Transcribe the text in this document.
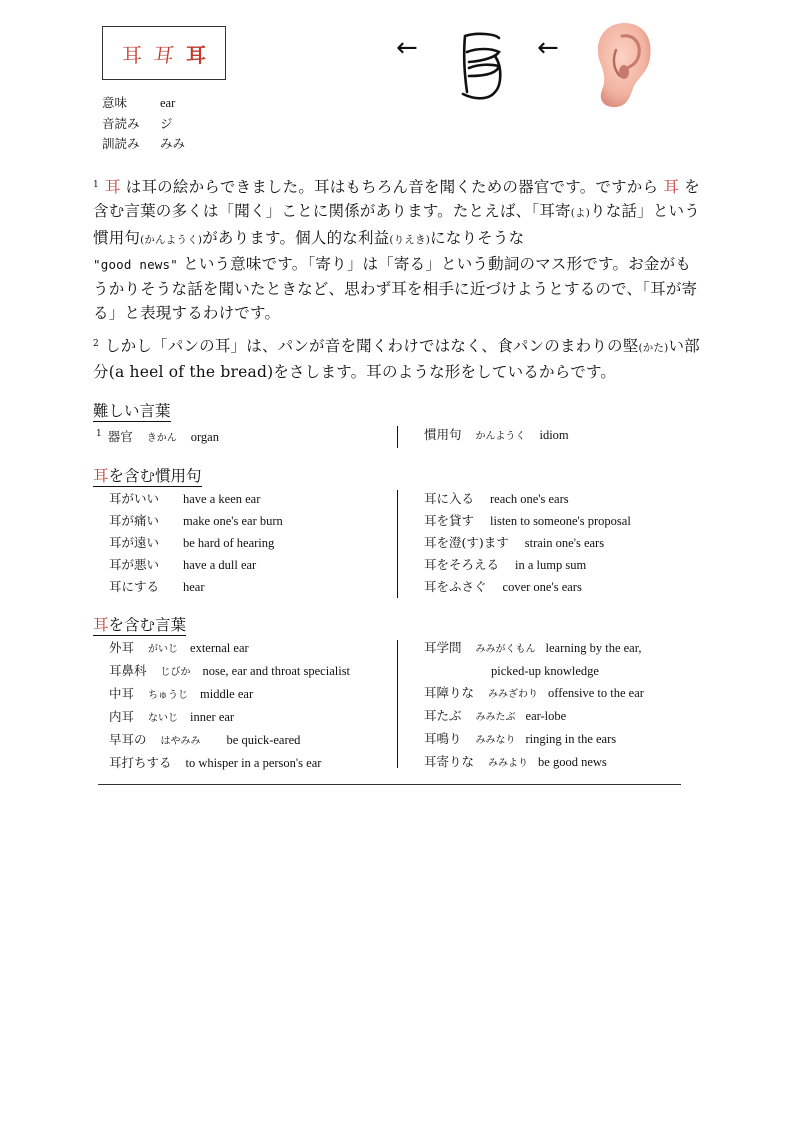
耳 耳 耳
意味	ear
音読み	ジ
訓読み	みみ
←	←
$^1$ 耳 は耳の絵からできました。耳はもちろん音を聞くための器官です。ですから 耳 を含む言葉の多くは「聞く」ことに関係があります。たとえば、「耳寄(よ)りな話」という慣用句(かんようく)があります。個人的な利益(りえき)になりそうな
"good news" という意味です。「寄り」は「寄る」という動詞のマス形です。お金がもうかりそうな話を聞いたときなど、思わず耳を相手に近づけようとするので、「耳が寄る」と表現するわけです。
$^2$ しかし「パンの耳」は、パンが音を聞くわけではなく、食パンのまわりの堅(かた)い部分(a heel of the bread)をさします。耳のような形をしているからです。
難しい言葉
$^1$ 器官 きかん organ	慣用句 かんようく idiom
耳を含む慣用句
耳がいい have a keen ear
耳が痛い make one's ear burn
耳が遠い be hard of hearing
耳が悪い have a dull ear
耳にする hear
耳に入る reach one's ears
耳を貸す listen to someone's proposal
耳を澄(す)ます strain one's ears
耳をそろえる in a lump sum
耳をふさぐ cover one's ears
耳を含む言葉
外耳 がいじ external ear
耳鼻科 じびか nose, ear and throat specialist
中耳 ちゅうじ middle ear
内耳 ないじ inner ear
早耳の はやみみ be quick-eared
耳打ちする to whisper in a person's ear
耳学問 みみがくもん learning by the ear,
picked-up knowledge
耳障りな みみざわり offensive to the ear
耳たぶ みみたぶ ear-lobe
耳鳴り みみなり ringing in the ears
耳寄りな みみより be good news
